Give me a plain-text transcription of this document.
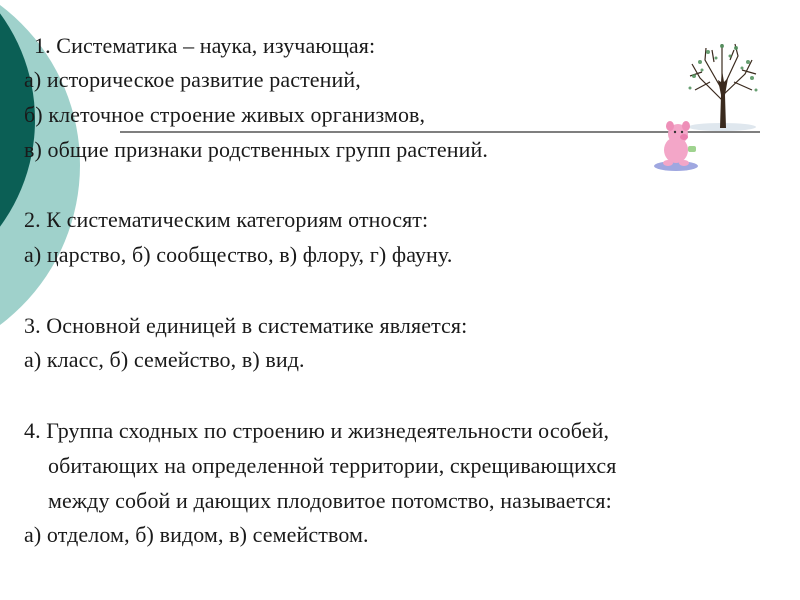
1. Систематика – наука, изучающая:
а) историческое развитие растений,
б) клеточное строение живых организмов,
в) общие признаки родственных групп растений.
2. К систематическим категориям относят:
а) царство, б) сообщество, в) флору, г) фауну.
3. Основной единицей в систематике является:
а) класс, б) семейство, в) вид.
4. Группа сходных по строению и жизнедеятельности особей,
обитающих на определенной территории, скрещивающихся
между собой и дающих плодовитое потомство, называется:
а) отделом, б) видом, в) семейством.
